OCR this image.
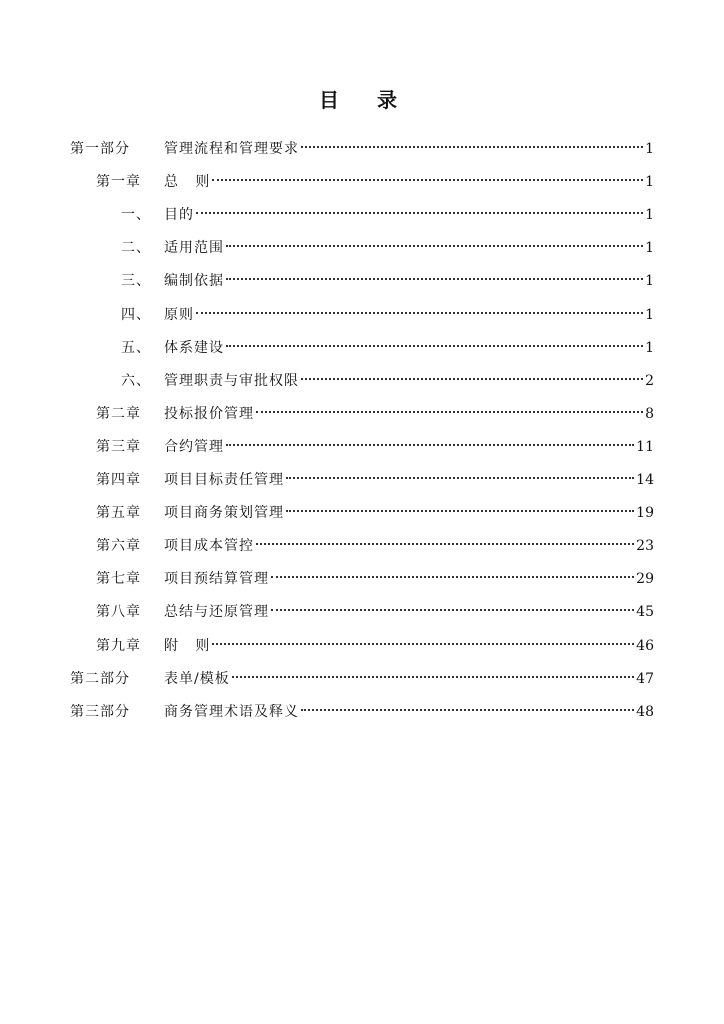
目  录
第一部分 管理流程和管理要求	1
第一章 总   则	1
一、 目的	1
二、 适用范围	1
三、 编制依据	1
四、 原则	1
五、 体系建设	1
六、 管理职责与审批权限	2
第二章 投标报价管理	8
第三章 合约管理	11
第四章 项目目标责任管理	14
第五章 项目商务策划管理	19
第六章 项目成本管控	23
第七章 项目预结算管理	29
第八章 总结与还原管理	45
第九章 附   则	46
第二部分 表单/模板	47
第三部分 商务管理术语及释义	48
